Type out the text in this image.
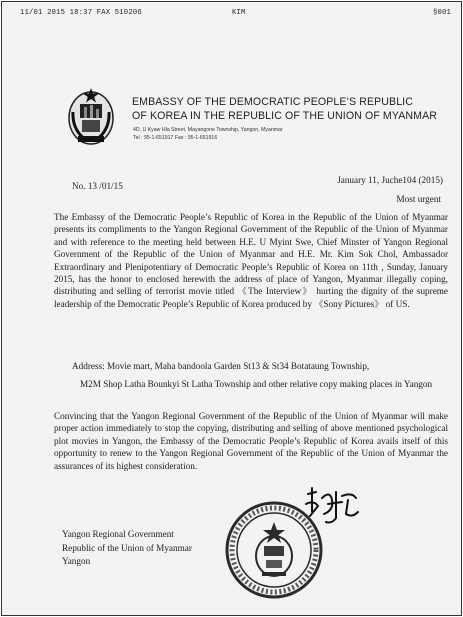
11/01 2015 18:37 FAX 510206	KIM	§001
EMBASSY OF THE DEMOCRATIC PEOPLE’S REPUBLIC
OF KOREA IN THE REPUBLIC OF THE UNION OF MYANMAR
4D, U Kyaw Hla Street, Mayangone Township, Yangon, Myanmar
Tel : 95-1-651917 Fax : 95-1-651916
No. 13 /01/15
January 11, Juche104 (2015)
Most urgent

The Embassy of the Democratic People’s Republic of Korea in the Republic of the Union of Myanmar presents its compliments to the Yangon Regional Government of the Republic of the Union of Myanmar and with reference to the meeting held between H.E. U Myint Swe, Chief Minster of Yangon Regional Government of the Republic of the Union of Myanmar and H.E. Mr. Kim Sok Chol, Ambassador Extraordinary and Plenipotentiary of Democratic People’s Republic of Korea on 11th , Sunday, January 2015, has the honor to enclosed herewith the address of place of Yangon, Myanmar illegally coping, distributing and selling of terrorist movie titled 《The Interview》 hurting the dignity of the supreme leadership of the Democratic People’s Republic of Korea produced by 《Sony Pictures》 of US.

Address: Movie mart, Maha bandoola Garden St13 & St34 Botataung Township,
M2M Shop Latha Bounkyi St Latha Township and other relative copy making places in Yangon

Convincing that the Yangon Regional Government of the Republic of the Union of Myanmar will make proper action immediately to stop the copying, distributing and selling of above mentioned psychological plot movies in Yangon, the Embassy of the Democratic People’s Republic of Korea avails itself of this opportunity to renew to the Yangon Regional Government of the Republic of the Union of Myanmar the assurances of its highest consideration.

Yangon Regional Government
Republic of the Union of Myanmar
Yangon
